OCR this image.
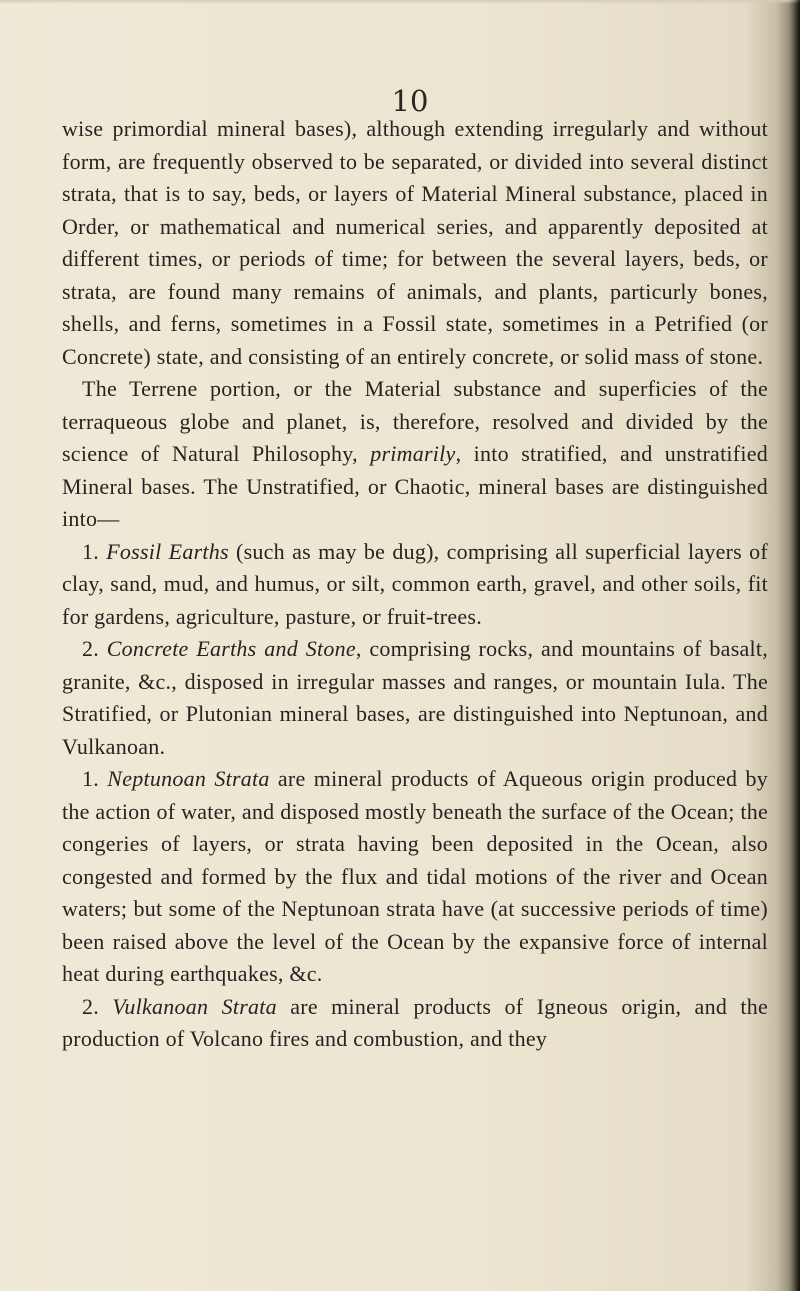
10

wise primordial mineral bases), although extending irregularly and without form, are frequently observed to be separated, or divided into several distinct strata, that is to say, beds, or layers of Material Mineral substance, placed in Order, or mathematical and numerical series, and apparently deposited at different times, or periods of time; for between the several layers, beds, or strata, are found many remains of animals, and plants, particurly bones, shells, and ferns, sometimes in a Fossil state, sometimes in a Petrified (or Concrete) state, and consisting of an entirely concrete, or solid mass of stone.

The Terrene portion, or the Material substance and superficies of the terraqueous globe and planet, is, therefore, resolved and divided by the science of Natural Philosophy, primarily, into stratified, and unstratified Mineral bases. The Unstratified, or Chaotic, mineral bases are distinguished into—

1. Fossil Earths (such as may be dug), comprising all superficial layers of clay, sand, mud, and humus, or silt, common earth, gravel, and other soils, fit for gardens, agriculture, pasture, or fruit-trees.

2. Concrete Earths and Stone, comprising rocks, and mountains of basalt, granite, &c., disposed in irregular masses and ranges, or mountain Iula. The Stratified, or Plutonian mineral bases, are distinguished into Neptunoan, and Vulkanoan.

1. Neptunoan Strata are mineral products of Aqueous origin produced by the action of water, and disposed mostly beneath the surface of the Ocean; the congeries of layers, or strata having been deposited in the Ocean, also congested and formed by the flux and tidal motions of the river and Ocean waters; but some of the Neptunoan strata have (at successive periods of time) been raised above the level of the Ocean by the expansive force of internal heat during earthquakes, &c.

2. Vulkanoan Strata are mineral products of Igneous origin, and the production of Volcano fires and combustion, and they
